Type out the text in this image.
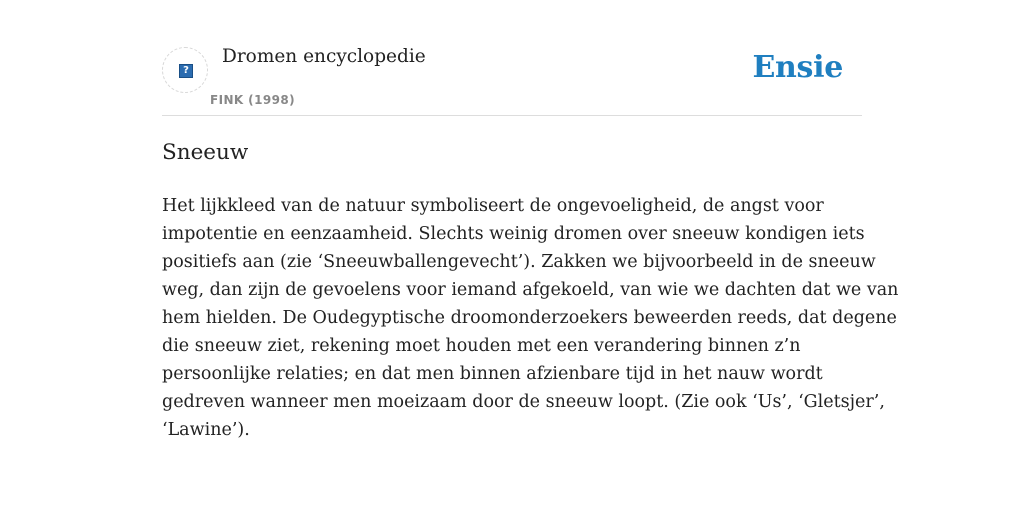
?
Dromen encyclopedie
FINK (1998)
Ensie
Sneeuw
Het lijkkleed van de natuur symboliseert de ongevoeligheid, de angst voor
impotentie en eenzaamheid. Slechts weinig dromen over sneeuw kondigen iets
positiefs aan (zie ‘Sneeuwballengevecht’). Zakken we bijvoorbeeld in de sneeuw
weg, dan zijn de gevoelens voor iemand afgekoeld, van wie we dachten dat we van
hem hielden. De Oudegyptische droomonderzoekers beweerden reeds, dat degene
die sneeuw ziet, rekening moet houden met een verandering binnen z’n
persoonlijke relaties; en dat men binnen afzienbare tijd in het nauw wordt
gedreven wanneer men moeizaam door de sneeuw loopt. (Zie ook ‘Us’, ‘Gletsjer’,
‘Lawine’).
